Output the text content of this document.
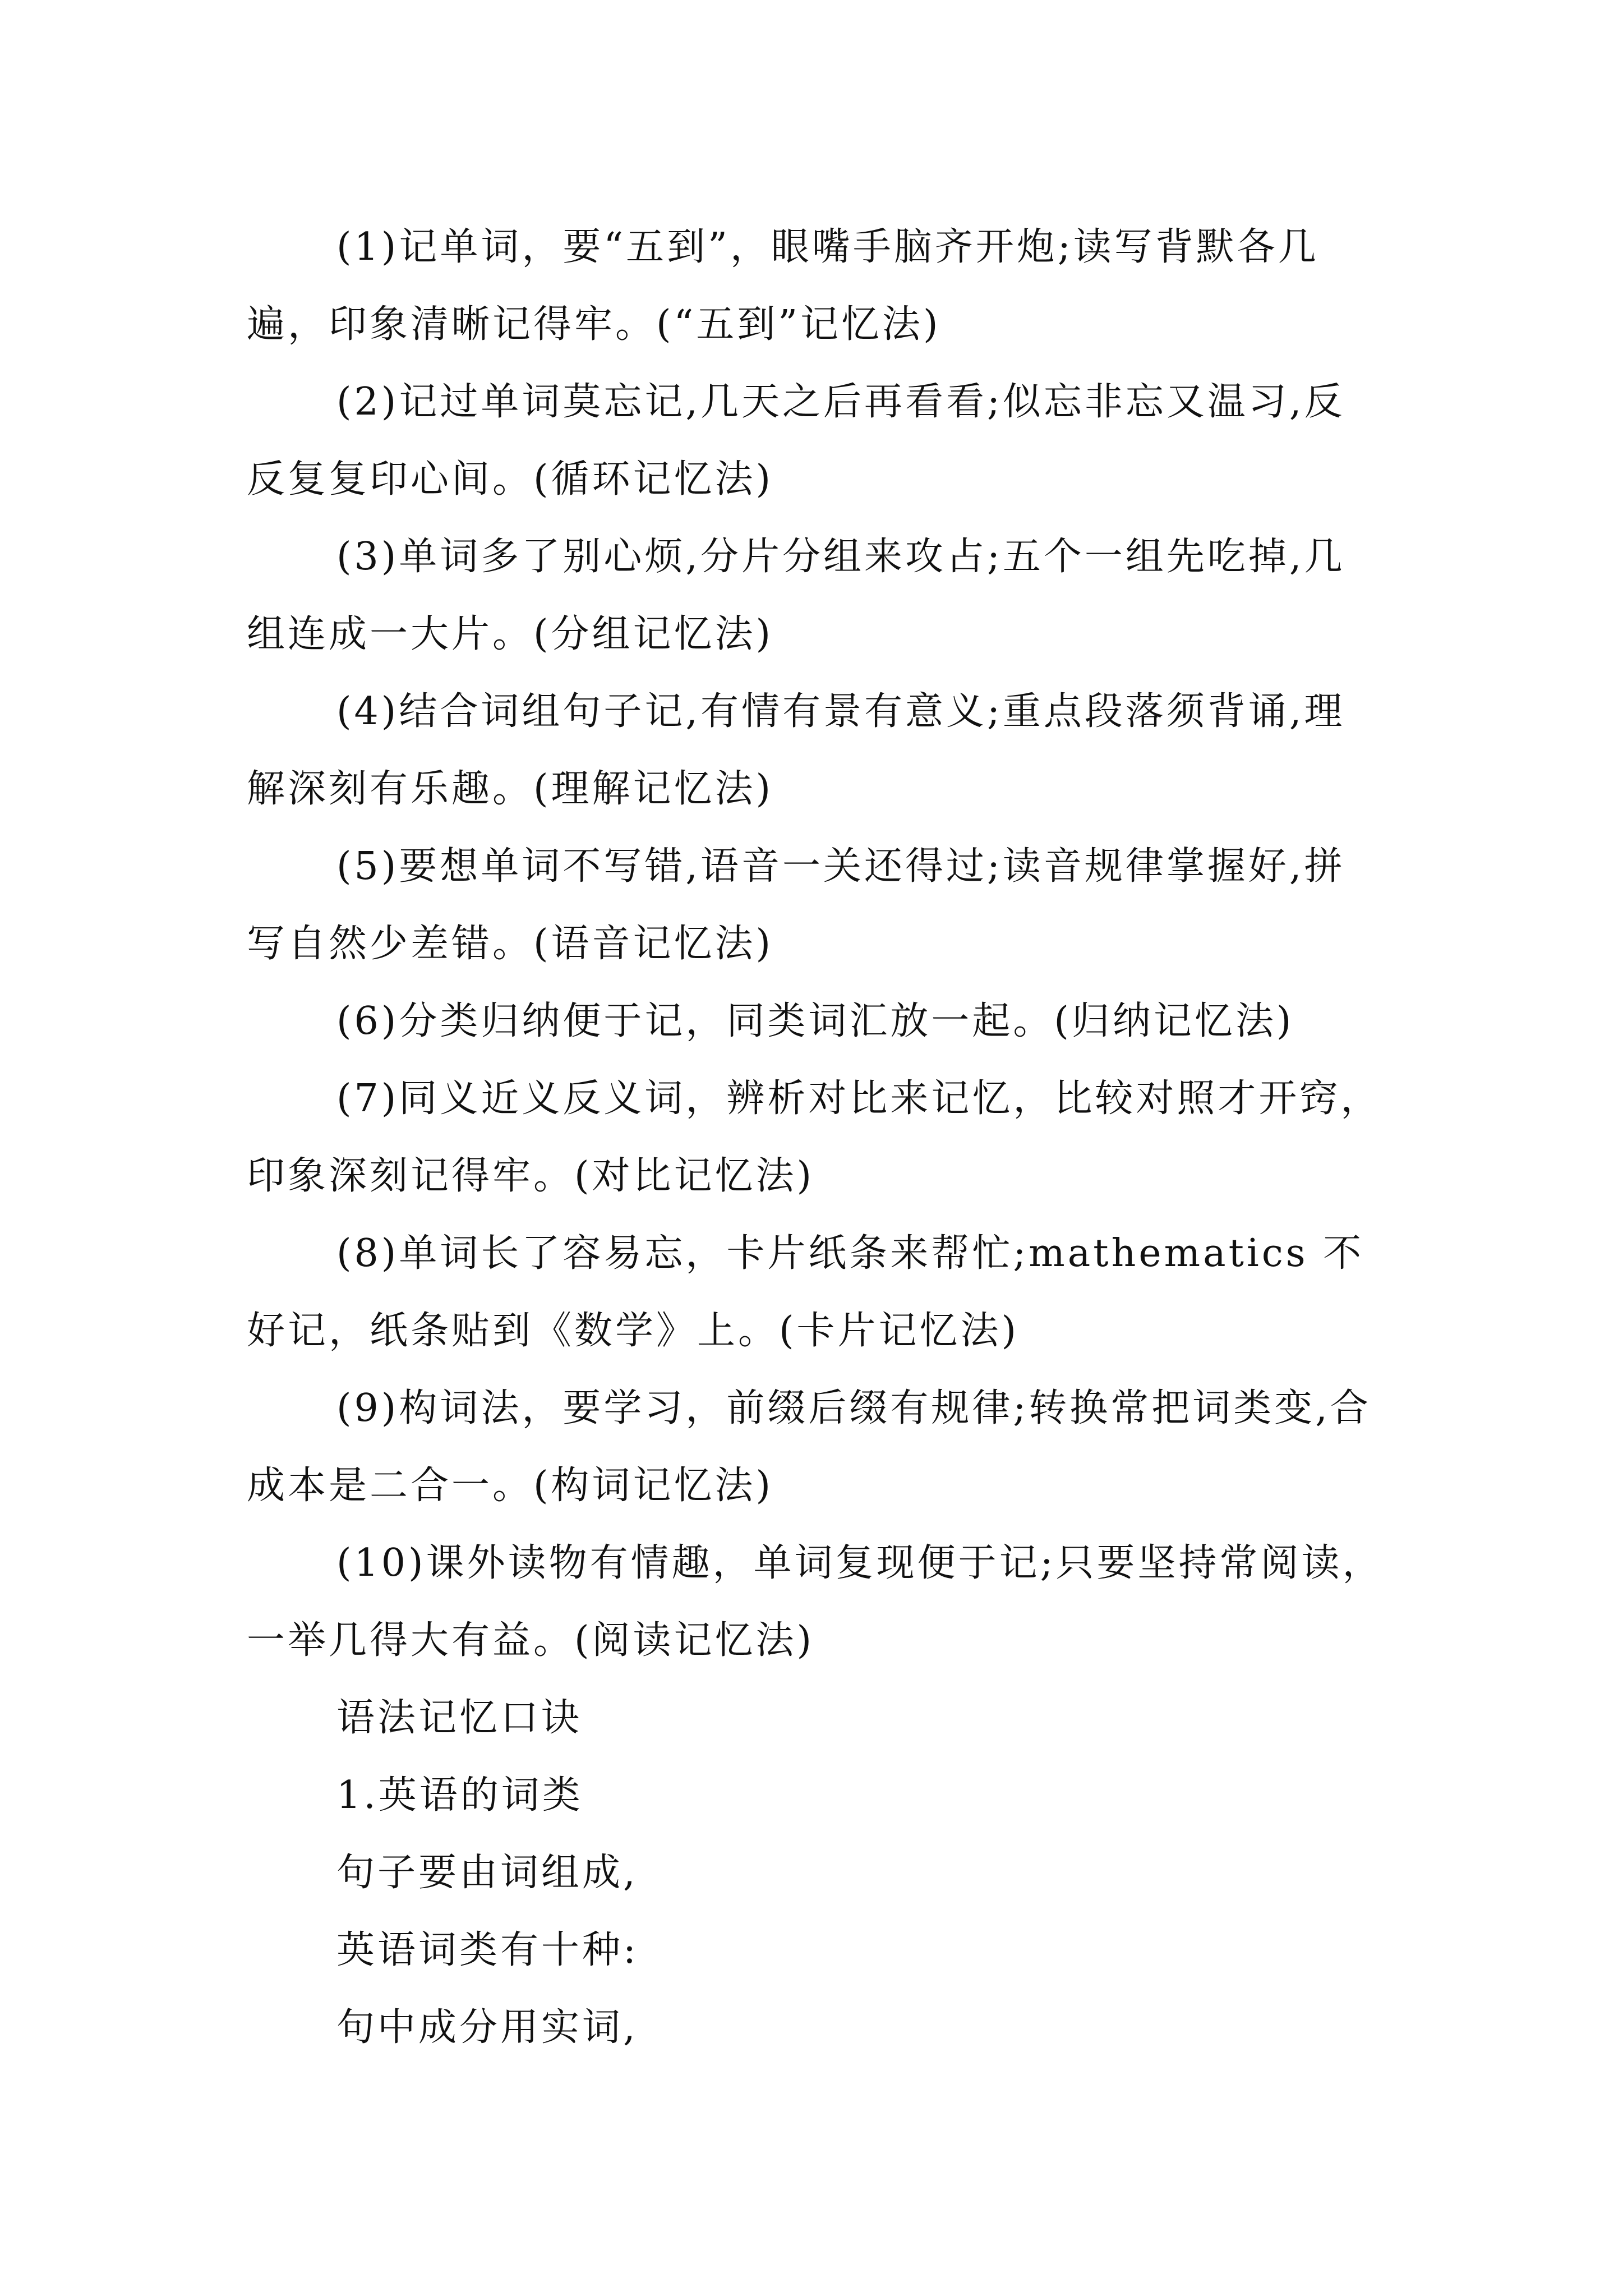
(1)记单词，要“五到”，眼嘴手脑齐开炮;读写背默各几遍，印象清晰记得牢。(“五到”记忆法)

(2)记过单词莫忘记,几天之后再看看;似忘非忘又温习,反反复复印心间。(循环记忆法)

(3)单词多了别心烦,分片分组来攻占;五个一组先吃掉,几组连成一大片。(分组记忆法)

(4)结合词组句子记,有情有景有意义;重点段落须背诵,理解深刻有乐趣。(理解记忆法)

(5)要想单词不写错,语音一关还得过;读音规律掌握好,拼写自然少差错。(语音记忆法)

(6)分类归纳便于记，同类词汇放一起。(归纳记忆法)

(7)同义近义反义词，辨析对比来记忆，比较对照才开窍，印象深刻记得牢。(对比记忆法)

(8)单词长了容易忘，卡片纸条来帮忙;mathematics 不好记，纸条贴到《数学》上。(卡片记忆法)

(9)构词法，要学习，前缀后缀有规律;转换常把词类变,合成本是二合一。(构词记忆法)

(10)课外读物有情趣，单词复现便于记;只要坚持常阅读，一举几得大有益。(阅读记忆法)

语法记忆口诀

1.英语的词类

句子要由词组成,

英语词类有十种:

句中成分用实词,
